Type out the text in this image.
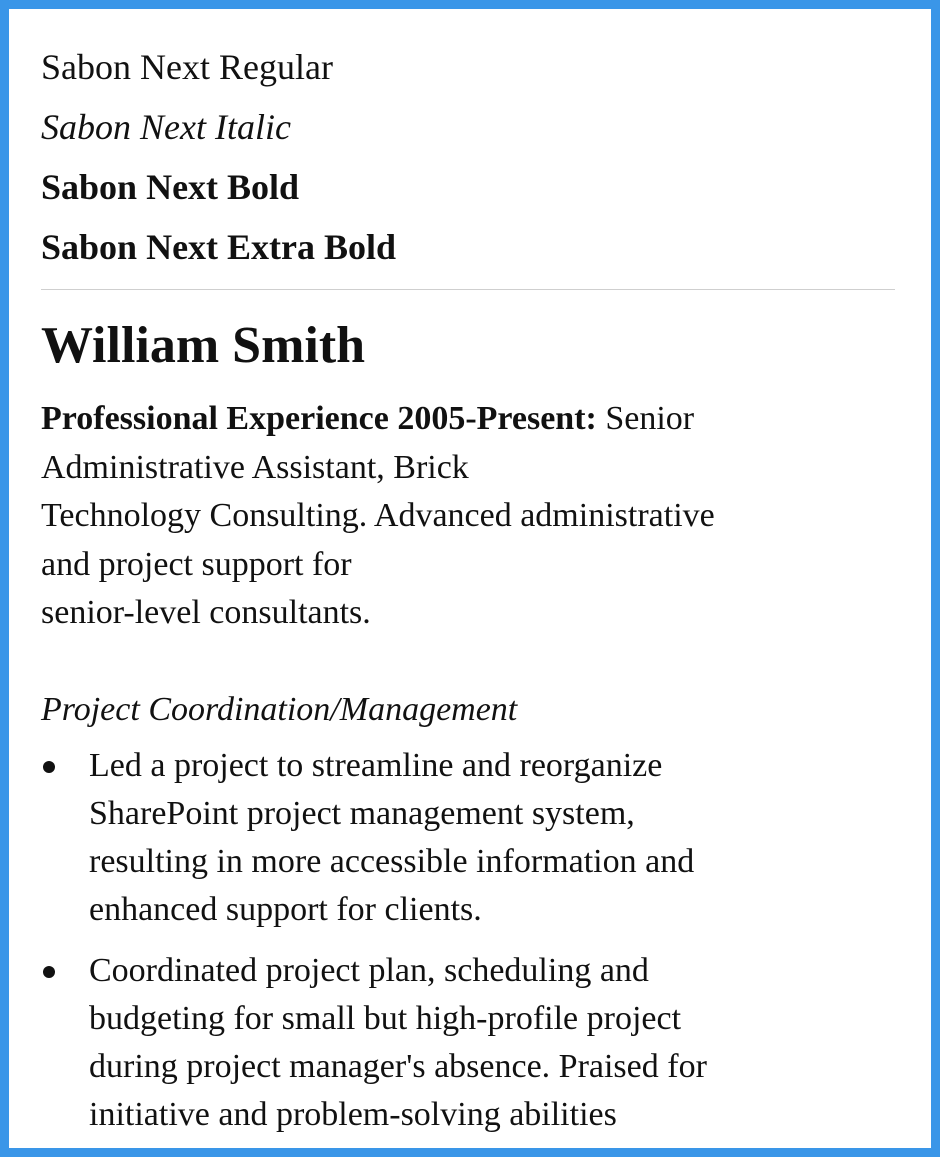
Sabon Next Regular
Sabon Next Italic
Sabon Next Bold
Sabon Next Extra Bold
William Smith
Professional Experience 2005-Present: Senior
Administrative Assistant, Brick
Technology Consulting. Advanced administrative
and project support for
senior-level consultants.
Project Coordination/Management
Led a project to streamline and reorganize
SharePoint project management system,
resulting in more accessible information and
enhanced support for clients.
Coordinated project plan, scheduling and
budgeting for small but high-profile project
during project manager's absence. Praised for
initiative and problem-solving abilities
